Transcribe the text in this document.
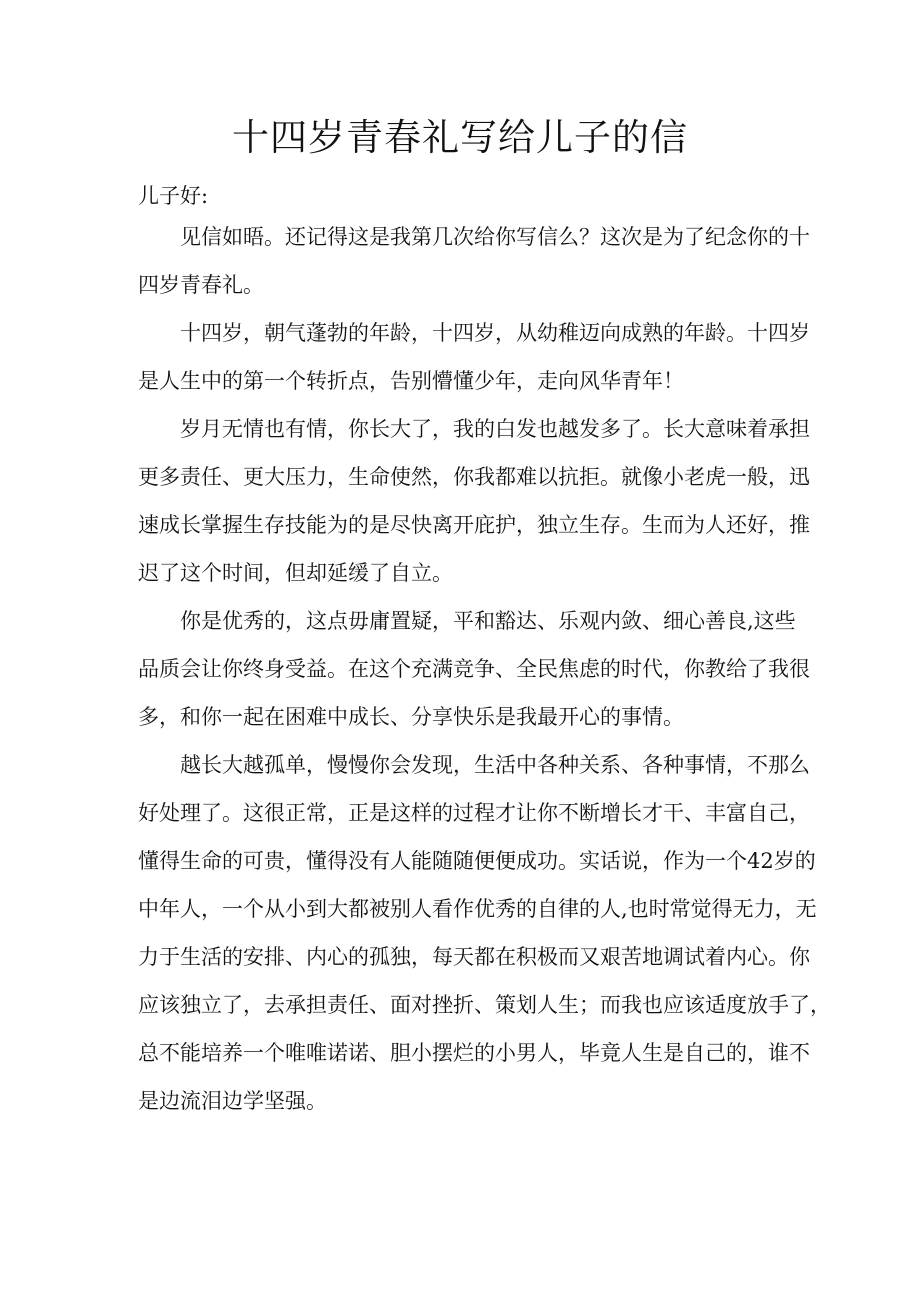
十四岁青春礼写给儿子的信

儿子好:

见信如晤。还记得这是我第几次给你写信么？这次是为了纪念你的十

四岁青春礼。

十四岁，朝气蓬勃的年龄，十四岁，从幼稚迈向成熟的年龄。十四岁

是人生中的第一个转折点，告别懵懂少年，走向风华青年！

岁月无情也有情，你长大了，我的白发也越发多了。长大意味着承担

更多责任、更大压力，生命使然，你我都难以抗拒。就像小老虎一般，迅

速成长掌握生存技能为的是尽快离开庇护，独立生存。生而为人还好，推

迟了这个时间，但却延缓了自立。

你是优秀的，这点毋庸置疑，平和豁达、乐观内敛、细心善良,这些

品质会让你终身受益。在这个充满竞争、全民焦虑的时代，你教给了我很

多，和你一起在困难中成长、分享快乐是我最开心的事情。

越长大越孤单，慢慢你会发现，生活中各种关系、各种事情，不那么

好处理了。这很正常，正是这样的过程才让你不断增长才干、丰富自己，

懂得生命的可贵，懂得没有人能随随便便成功。实话说，作为一个42岁的

中年人，一个从小到大都被别人看作优秀的自律的人,也时常觉得无力，无

力于生活的安排、内心的孤独，每天都在积极而又艰苦地调试着内心。你

应该独立了，去承担责任、面对挫折、策划人生；而我也应该适度放手了，

总不能培养一个唯唯诺诺、胆小摆烂的小男人，毕竟人生是自己的，谁不

是边流泪边学坚强。
